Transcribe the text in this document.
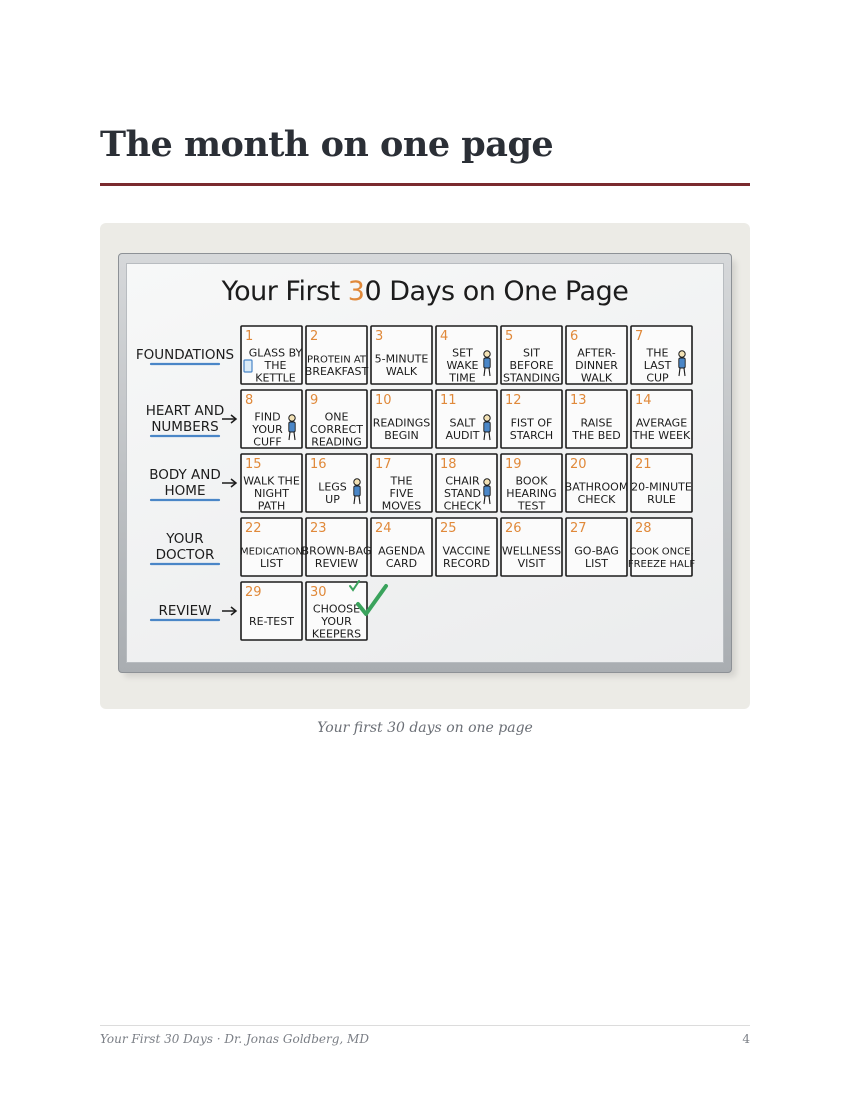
The month on one page
Your First 30 Days on One Page
FOUNDATIONS
HEART AND
NUMBERS
BODY AND
HOME
YOUR
DOCTOR
REVIEW
1
GLASS BY
THE
KETTLE
2
PROTEIN AT
BREAKFAST
3
5-MINUTE
WALK
4
SET
WAKE
TIME
5
SIT
BEFORE
STANDING
6
AFTER-
DINNER
WALK
7
THE
LAST
CUP
8
FIND
YOUR
CUFF
9
ONE
CORRECT
READING
10
READINGS
BEGIN
11
SALT
AUDIT
12
FIST OF
STARCH
13
RAISE
THE BED
14
AVERAGE
THE WEEK
15
WALK THE
NIGHT
PATH
16
LEGS
UP
17
THE
FIVE
MOVES
18
CHAIR
STAND
CHECK
19
BOOK
HEARING
TEST
20
BATHROOM
CHECK
21
20-MINUTE
RULE
22
MEDICATION
LIST
23
BROWN-BAG
REVIEW
24
AGENDA
CARD
25
VACCINE
RECORD
26
WELLNESS
VISIT
27
GO-BAG
LIST
28
COOK ONCE,
FREEZE HALF
29
RE-TEST
30
CHOOSE
YOUR
KEEPERS
Your first 30 days on one page
Your First 30 Days · Dr. Jonas Goldberg, MD	4
